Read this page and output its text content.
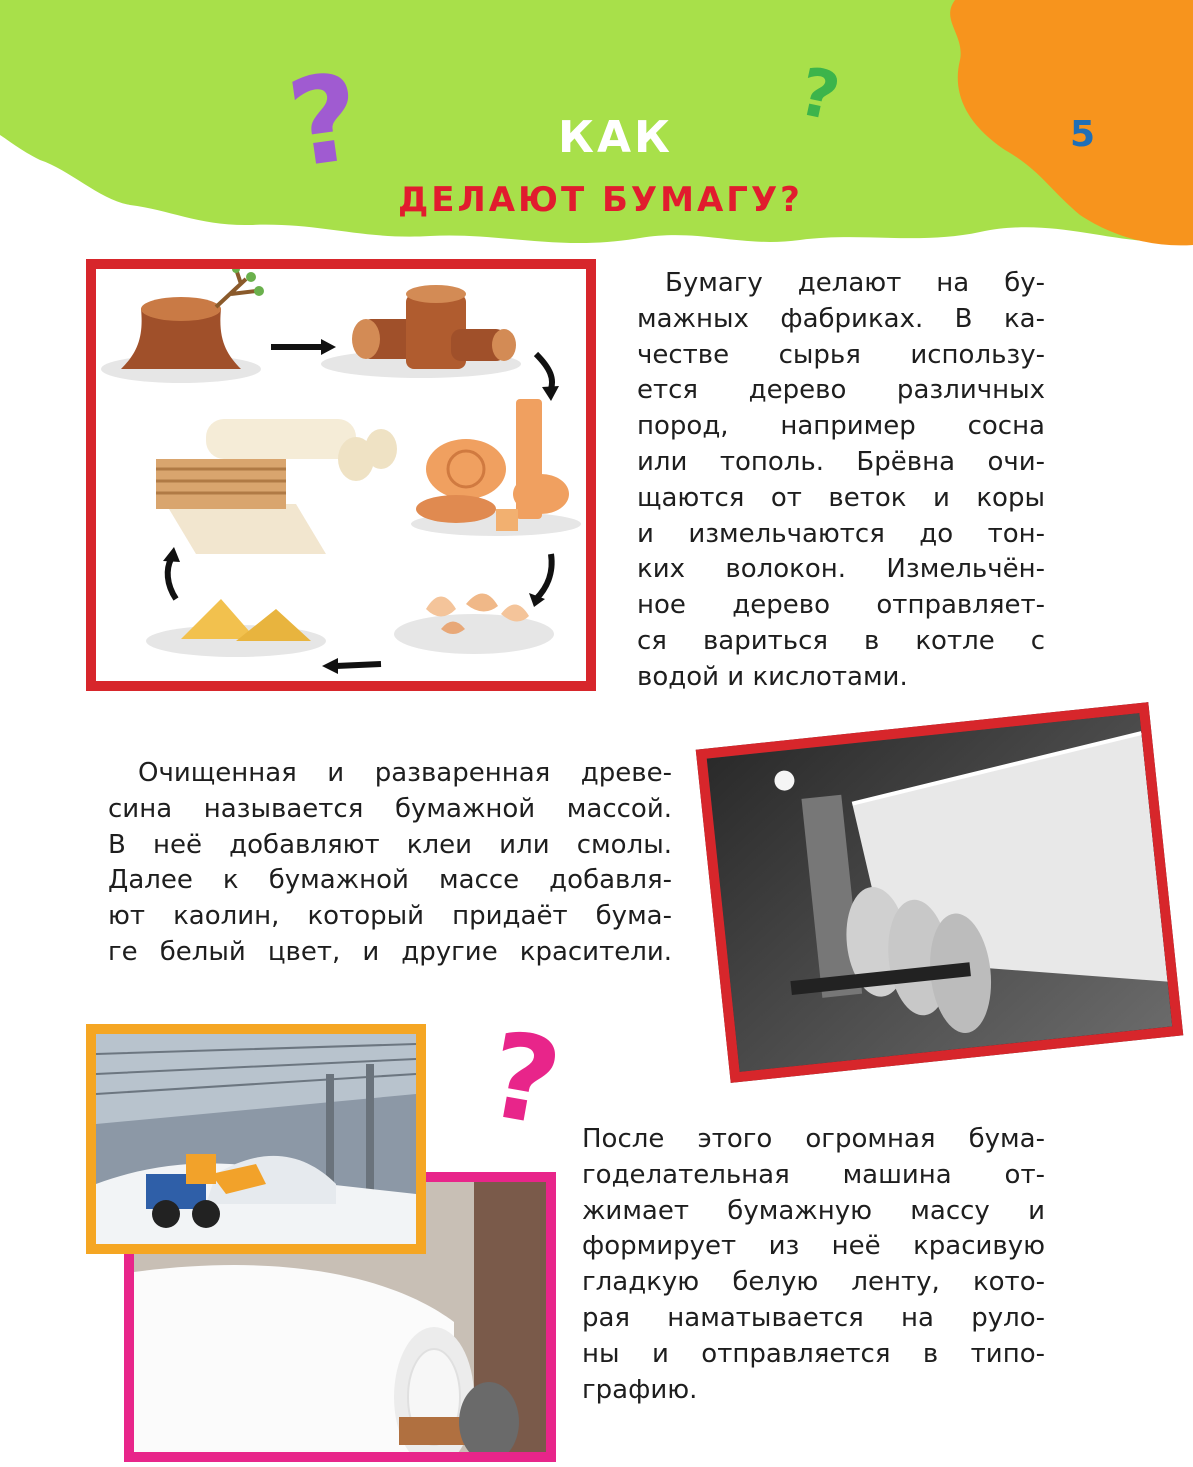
?	?
КАК
ДЕЛАЮТ БУМАГУ?
5
Бумагу делают на бу-
мажных фабриках. В ка-
честве сырья использу-
ется дерево различных
пород, например сосна
или тополь. Брёвна очи-
щаются от веток и коры
и измельчаются до тон-
ких волокон. Измельчён-
ное дерево отправляет-
ся вариться в котле с
водой и кислотами.
Очищенная и разваренная древе-
сина называется бумажной массой.
В неё добавляют клеи или смолы.
Далее к бумажной массе добавля-
ют каолин, который придаёт бума-
ге белый цвет, и другие красители.
? После этого огромная бума-
годелательная машина от-
жимает бумажную массу и
формирует из неё красивую
гладкую белую ленту, кото-
рая наматывается на руло-
ны и отправляется в типо-
графию.
